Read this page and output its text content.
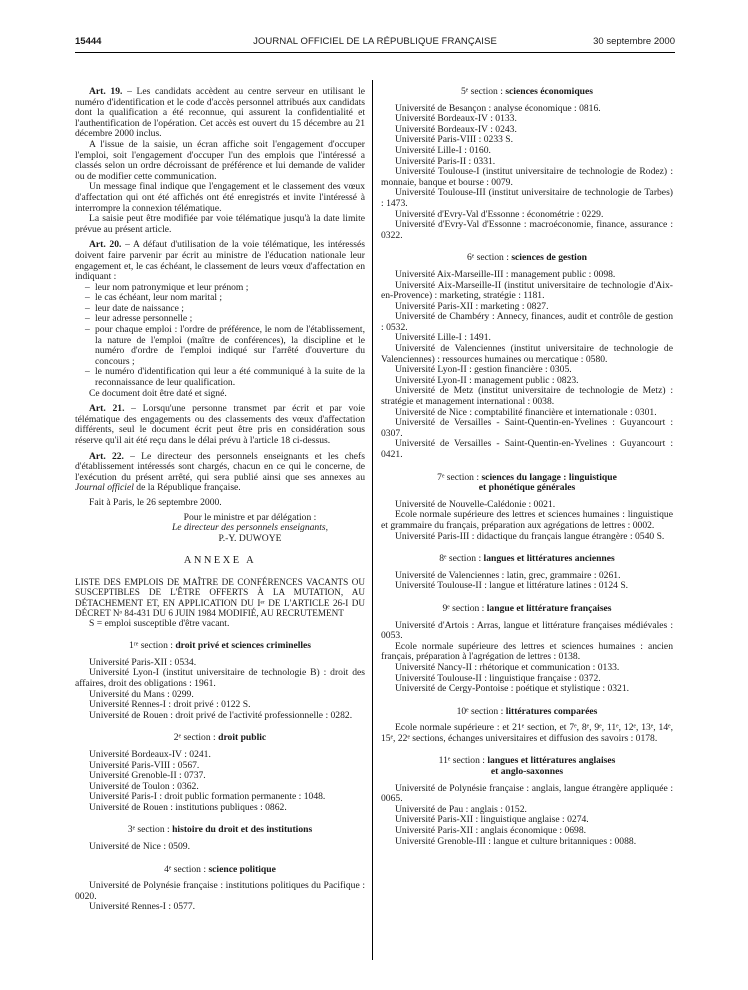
15444	JOURNAL OFFICIEL DE LA RÉPUBLIQUE FRANÇAISE	30 septembre 2000

Art. 19. – Les candidats accèdent au centre serveur en utilisant le numéro d'identification et le code d'accès personnel attribués aux candidats dont la qualification a été reconnue, qui assurent la confidentialité et l'authentification de l'opération. Cet accès est ouvert du 15 décembre au 21 décembre 2000 inclus.

A l'issue de la saisie, un écran affiche soit l'engagement d'occuper l'emploi, soit l'engagement d'occuper l'un des emplois que l'intéressé a classés selon un ordre décroissant de préférence et lui demande de valider ou de modifier cette communication.

Un message final indique que l'engagement et le classement des vœux d'affectation qui ont été affichés ont été enregistrés et invite l'intéressé à interrompre la connexion télématique.

La saisie peut être modifiée par voie télématique jusqu'à la date limite prévue au présent article.

Art. 20. – A défaut d'utilisation de la voie télématique, les intéressés doivent faire parvenir par écrit au ministre de l'éducation nationale leur engagement et, le cas échéant, le classement de leurs vœux d'affectation en indiquant :

– leur nom patronymique et leur prénom ;
– le cas échéant, leur nom marital ;
– leur date de naissance ;
– leur adresse personnelle ;
– pour chaque emploi : l'ordre de préférence, le nom de l'établissement, la nature de l'emploi (maître de conférences), la discipline et le numéro d'ordre de l'emploi indiqué sur l'arrêté d'ouverture du concours ;
– le numéro d'identification qui leur a été communiqué à la suite de la reconnaissance de leur qualification.

Ce document doit être daté et signé.

Art. 21. – Lorsqu'une personne transmet par écrit et par voie télématique des engagements ou des classements des vœux d'affectation différents, seul le document écrit peut être pris en considération sous réserve qu'il ait été reçu dans le délai prévu à l'article 18 ci-dessus.

Art. 22. – Le directeur des personnels enseignants et les chefs d'établissement intéressés sont chargés, chacun en ce qui le concerne, de l'exécution du présent arrêté, qui sera publié ainsi que ses annexes au Journal officiel de la République française.

Fait à Paris, le 26 septembre 2000.

Pour le ministre et par délégation :
Le directeur des personnels enseignants,
P.-Y. DUWOYE
ANNEXE A

LISTE DES EMPLOIS DE MAÎTRE DE CONFÉRENCES VACANTS OU SUSCEPTIBLES DE L'ÊTRE OFFERTS À LA MUTATION, AU DÉTACHEMENT ET, EN APPLICATION DU Iᵉʳ DE L'ARTICLE 26-I DU DÉCRET Nᵒ 84-431 DU 6 JUIN 1984 MODIFIÉ, AU RECRUTEMENT

S = emploi susceptible d'être vacant.

1ʳᵉ section : droit privé et sciences criminelles

Université Paris-XII : 0534.

Université Lyon-I (institut universitaire de technologie B) : droit des affaires, droit des obligations : 1961.

Université du Mans : 0299.

Université Rennes-I : droit privé : 0122 S.

Université de Rouen : droit privé de l'activité professionnelle : 0282.

2ᵉ section : droit public

Université Bordeaux-IV : 0241.

Université Paris-VIII : 0567.

Université Grenoble-II : 0737.

Université de Toulon : 0362.

Université Paris-I : droit public formation permanente : 1048.

Université de Rouen : institutions publiques : 0862.

3ᵉ section : histoire du droit et des institutions

Université de Nice : 0509.

4ᵉ section : science politique

Université de Polynésie française : institutions politiques du Pacifique : 0020.

Université Rennes-I : 0577.

5ᵉ section : sciences économiques

Université de Besançon : analyse économique : 0816.

Université Bordeaux-IV : 0133.

Université Bordeaux-IV : 0243.

Université Paris-VIII : 0233 S.

Université Lille-I : 0160.

Université Paris-II : 0331.

Université Toulouse-I (institut universitaire de technologie de Rodez) : monnaie, banque et bourse : 0079.

Université Toulouse-III (institut universitaire de technologie de Tarbes) : 1473.

Université d'Evry-Val d'Essonne : économétrie : 0229.

Université d'Evry-Val d'Essonne : macroéconomie, finance, assurance : 0322.

6ᵉ section : sciences de gestion

Université Aix-Marseille-III : management public : 0098.

Université Aix-Marseille-II (institut universitaire de technologie d'Aix-en-Provence) : marketing, stratégie : 1181.

Université Paris-XII : marketing : 0827.

Université de Chambéry : Annecy, finances, audit et contrôle de gestion : 0532.

Université Lille-I : 1491.

Université de Valenciennes (institut universitaire de technologie de Valenciennes) : ressources humaines ou mercatique : 0580.

Université Lyon-II : gestion financière : 0305.

Université Lyon-II : management public : 0823.

Université de Metz (institut universitaire de technologie de Metz) : stratégie et management international : 0038.

Université de Nice : comptabilité financière et internationale : 0301.

Université de Versailles - Saint-Quentin-en-Yvelines : Guyancourt : 0307.

Université de Versailles - Saint-Quentin-en-Yvelines : Guyancourt : 0421.

7ᵉ section : sciences du langage : linguistique
et phonétique générales

Université de Nouvelle-Calédonie : 0021.

Ecole normale supérieure des lettres et sciences humaines : linguistique et grammaire du français, préparation aux agrégations de lettres : 0002.

Université Paris-III : didactique du français langue étrangère : 0540 S.

8ᵉ section : langues et littératures anciennes

Université de Valenciennes : latin, grec, grammaire : 0261.

Université Toulouse-II : langue et littérature latines : 0124 S.

9ᵉ section : langue et littérature françaises

Université d'Artois : Arras, langue et littérature françaises médiévales : 0053.

Ecole normale supérieure des lettres et sciences humaines : ancien français, préparation à l'agrégation de lettres : 0138.

Université Nancy-II : rhétorique et communication : 0133.

Université Toulouse-II : linguistique française : 0372.

Université de Cergy-Pontoise : poétique et stylistique : 0321.

10ᵉ section : littératures comparées

Ecole normale supérieure : et 21ᵉ section, et 7ᵉ, 8ᵉ, 9ᵉ, 11ᵉ, 12ᵉ, 13ᵉ, 14ᵉ, 15ᵉ, 22ᵉ sections, échanges universitaires et diffusion des savoirs : 0178.

11ᵉ section : langues et littératures anglaises
et anglo-saxonnes

Université de Polynésie française : anglais, langue étrangère appliquée : 0065.

Université de Pau : anglais : 0152.

Université Paris-XII : linguistique anglaise : 0274.

Université Paris-XII : anglais économique : 0698.

Université Grenoble-III : langue et culture britanniques : 0088.
